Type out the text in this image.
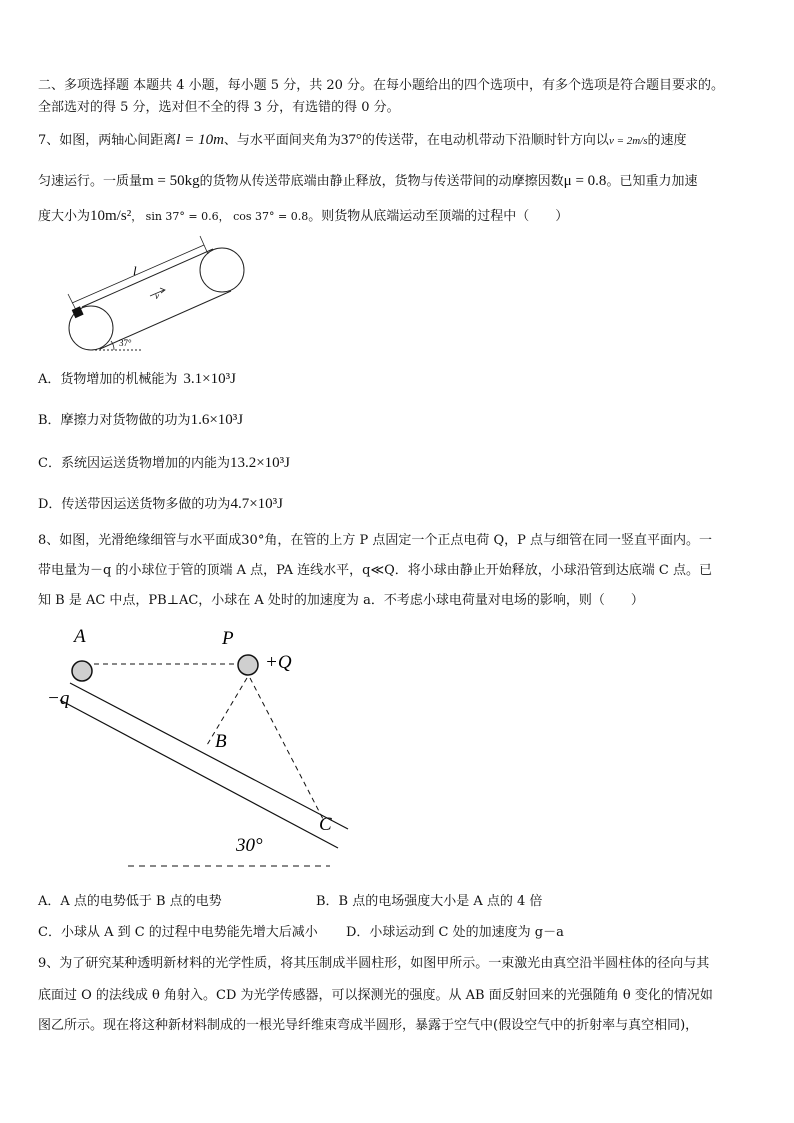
二、多项选择题 本题共 4 小题，每小题 5 分，共 20 分。在每小题给出的四个选项中，有多个选项是符合题目要求的。
全部选对的得 5 分，选对但不全的得 3 分，有选错的得 0 分。
7、如图，两轴心间距离l = 10m、与水平面间夹角为37°的传送带，在电动机带动下沿顺时针方向以v = 2m/s的速度
匀速运行。一质量m = 50kg的货物从传送带底端由静止释放，货物与传送带间的动摩擦因数μ = 0.8。已知重力加速
度大小为10m/s²， sin 37° = 0.6， cos 37° = 0.8。则货物从底端运动至顶端的过程中（　　）
l
v
37°
A．货物增加的机械能为 3.1×10³J
B．摩擦力对货物做的功为1.6×10³J
C．系统因运送货物增加的内能为13.2×10³J
D．传送带因运送货物多做的功为4.7×10³J
8、如图，光滑绝缘细管与水平面成30°角，在管的上方 P 点固定一个正点电荷 Q，P 点与细管在同一竖直平面内。一
带电量为－q 的小球位于管的顶端 A 点，PA 连线水平，q≪Q．将小球由静止开始释放，小球沿管到达底端 C 点。已
知 B 是 AC 中点，PB⊥AC，小球在 A 处时的加速度为 a．不考虑小球电荷量对电场的影响，则（　　）
A	P
+Q
−q
B
C
30°
A．A 点的电势低于 B 点的电势	B．B 点的电场强度大小是 A 点的 4 倍
C．小球从 A 到 C 的过程中电势能先增大后减小 D．小球运动到 C 处的加速度为 g－a
9、为了研究某种透明新材料的光学性质，将其压制成半圆柱形，如图甲所示。一束激光由真空沿半圆柱体的径向与其
底面过 O 的法线成 θ 角射入。CD 为光学传感器，可以探测光的强度。从 AB 面反射回来的光强随角 θ 变化的情况如
图乙所示。现在将这种新材料制成的一根光导纤维束弯成半圆形，暴露于空气中(假设空气中的折射率与真空相同)，
